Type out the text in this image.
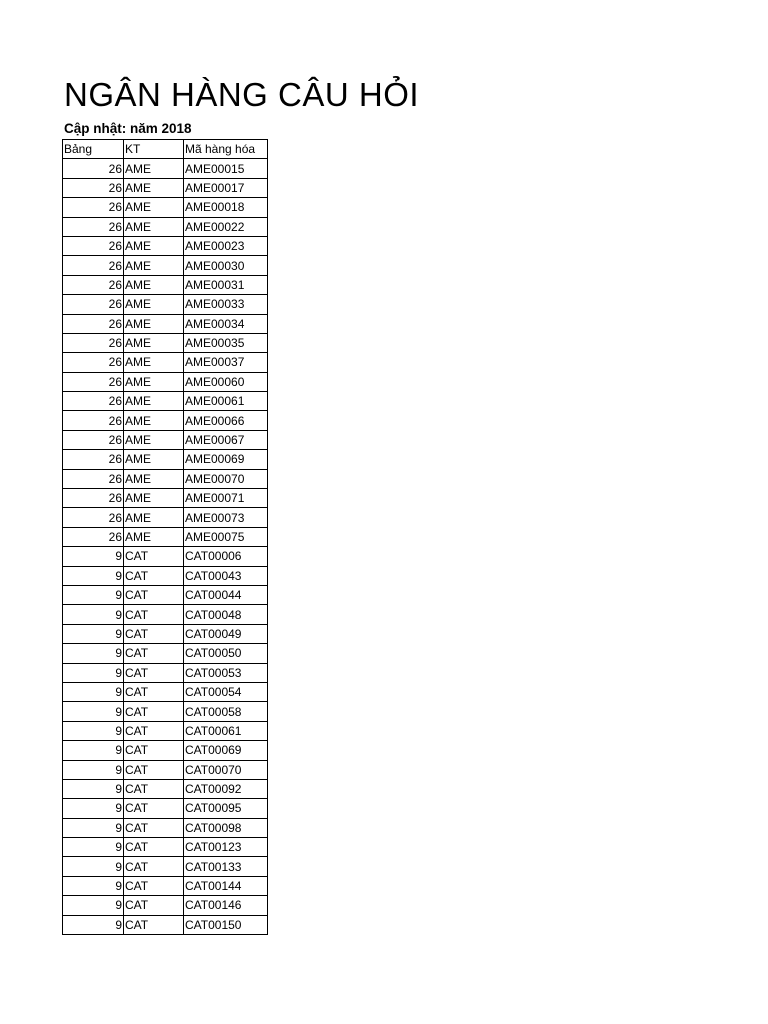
NGÂN HÀNG CÂU HỎI
Cập nhật: năm 2018
Bảng	KT	Mã hàng hóa
26	AME	AME00015
26	AME	AME00017
26	AME	AME00018
26	AME	AME00022
26	AME	AME00023
26	AME	AME00030
26	AME	AME00031
26	AME	AME00033
26	AME	AME00034
26	AME	AME00035
26	AME	AME00037
26	AME	AME00060
26	AME	AME00061
26	AME	AME00066
26	AME	AME00067
26	AME	AME00069
26	AME	AME00070
26	AME	AME00071
26	AME	AME00073
26	AME	AME00075
9	CAT	CAT00006
9	CAT	CAT00043
9	CAT	CAT00044
9	CAT	CAT00048
9	CAT	CAT00049
9	CAT	CAT00050
9	CAT	CAT00053
9	CAT	CAT00054
9	CAT	CAT00058
9	CAT	CAT00061
9	CAT	CAT00069
9	CAT	CAT00070
9	CAT	CAT00092
9	CAT	CAT00095
9	CAT	CAT00098
9	CAT	CAT00123
9	CAT	CAT00133
9	CAT	CAT00144
9	CAT	CAT00146
9	CAT	CAT00150
